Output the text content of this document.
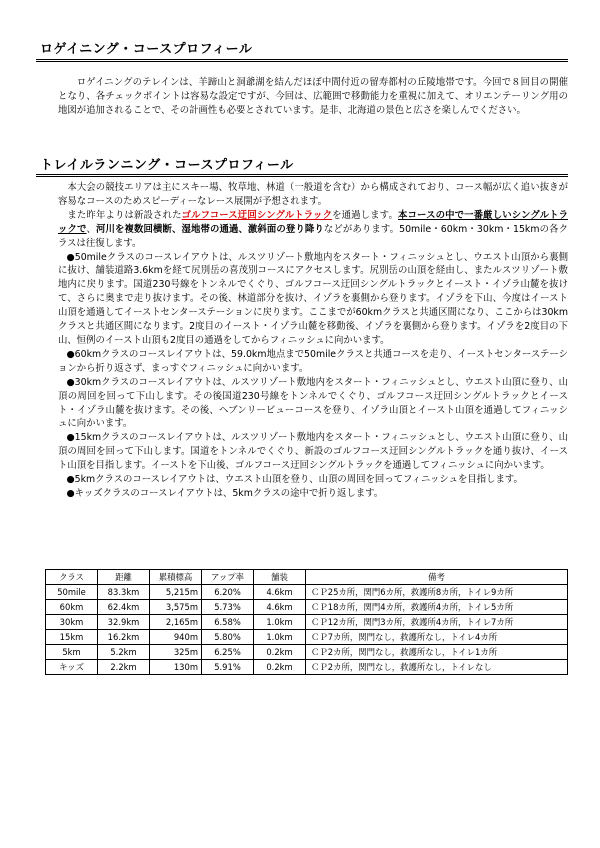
ロゲイニング・コースプロフィール

ロゲイニングのテレインは、羊蹄山と洞爺湖を結んだほぼ中間付近の留寿都村の丘陵地帯です。今回で８回目の開催となり、各チェックポイントは容易な設定ですが、今回は、広範囲で移動能力を重視に加えて、オリエンテーリング用の地図が追加されることで、その計画性も必要とされています。是非、北海道の景色と広さを楽しんでください。

トレイルランニング・コースプロフィール

本大会の競技エリアは主にスキー場、牧草地、林道（一般道を含む）から構成されており、コース幅が広く追い抜きが容易なコースのためスピーディーなレース展開が予想されます。

また昨年よりは新設されたゴルフコース迂回シングルトラックを通過します。本コースの中で一番厳しいシングルトラックで、河川を複数回横断、湿地帯の通過、激斜面の登り降りなどがあります。50mile・60km・30km・15kmの各クラスは往復します。

●50mileクラスのコースレイアウトは、ルスツリゾート敷地内をスタート・フィニッシュとし、ウエスト山頂から裏側に抜け、舗装道路3.6kmを経て尻別岳の喜茂別コースにアクセスします。尻別岳の山頂を経由し、またルスツリゾート敷地内に戻ります。国道230号線をトンネルでくぐり、ゴルフコース迂回シングルトラックとイースト・イゾラ山麓を抜けて、さらに奥まで走り抜けます。その後、林道部分を抜け、イゾラを裏側から登ります。イゾラを下山、今度はイースト山頂を通過してイーストセンターステーションに戻ります。ここまでが60kmクラスと共通区間になり、ここからは30kmクラスと共通区間になります。2度目のイースト・イゾラ山麓を移動後、イゾラを裏側から登ります。イゾラを2度目の下山、恒例のイースト山頂も2度目の通過をしてからフィニッシュに向かいます。

●60kmクラスのコースレイアウトは、59.0km地点まで50mileクラスと共通コースを走り、イーストセンターステーションから折り返さず、まっすぐフィニッシュに向かいます。

●30kmクラスのコースレイアウトは、ルスツリゾート敷地内をスタート・フィニッシュとし、ウエスト山頂に登り、山頂の周回を回って下山します。その後国道230号線をトンネルでくぐり、ゴルフコース迂回シングルトラックとイースト・イゾラ山麓を抜けます。その後、ヘブンリービューコースを登り、イゾラ山頂とイースト山頂を通過してフィニッシュに向かいます。

●15kmクラスのコースレイアウトは、ルスツリゾート敷地内をスタート・フィニッシュとし、ウエスト山頂に登り、山頂の周回を回って下山します。国道をトンネルでくぐり、新設のゴルフコース迂回シングルトラックを通り抜け、イースト山頂を目指します。イーストを下山後、ゴルフコース迂回シングルトラックを通過してフィニッシュに向かいます。

●5kmクラスのコースレイアウトは、ウエスト山頂を登り、山頂の周回を回ってフィニッシュを目指します。

●キッズクラスのコースレイアウトは、5kmクラスの途中で折り返します。

クラス	距離	累積標高	アップ率	舗装	備考
50mile	83.3km	5,215m	6.20%	4.6km	ＣＰ25カ所，関門6カ所，救護所8カ所，トイレ9カ所
60km	62.4km	3,575m	5.73%	4.6km	ＣＰ18カ所，関門4カ所，救護所4カ所，トイレ5カ所
30km	32.9km	2,165m	6.58%	1.0km	ＣＰ12カ所，関門3カ所，救護所4カ所，トイレ7カ所
15km	16.2km	940m	5.80%	1.0km	ＣＰ7カ所，関門なし，救護所なし，トイレ4カ所
5km	5.2km	325m	6.25%	0.2km	ＣＰ2カ所，関門なし，救護所なし，トイレ1カ所
キッズ	2.2km	130m	5.91%	0.2km	ＣＰ2カ所，関門なし，救護所なし，トイレなし
